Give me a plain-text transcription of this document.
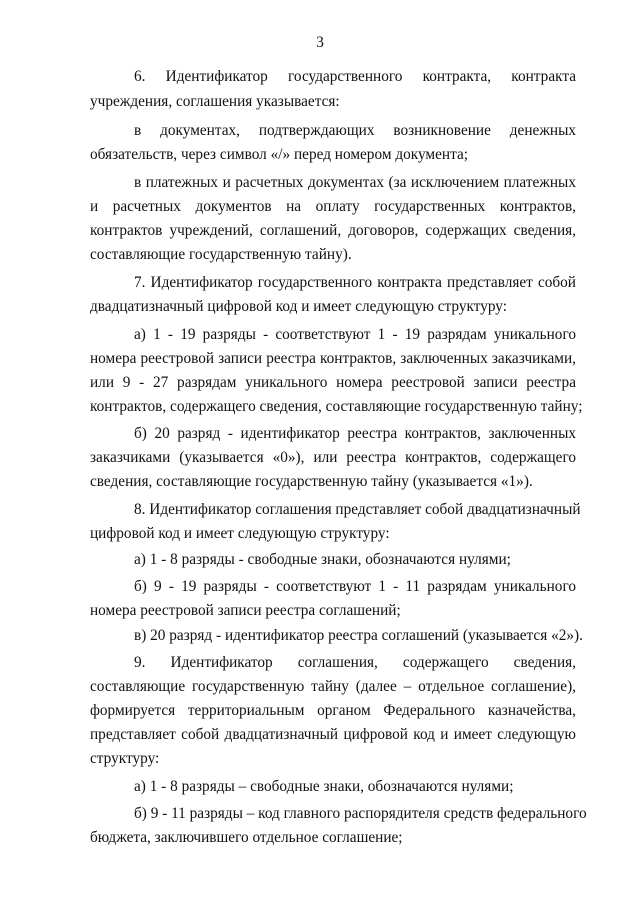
3
6. Идентификатор государственного контракта, контракта
учреждения, соглашения указывается:
в документах, подтверждающих возникновение денежных
обязательств, через символ «/» перед номером документа;
в платежных и расчетных документах (за исключением платежных
и расчетных документов на оплату государственных контрактов,
контрактов учреждений, соглашений, договоров, содержащих сведения,
составляющие государственную тайну).
7. Идентификатор государственного контракта представляет собой
двадцатизначный цифровой код и имеет следующую структуру:
а) 1 - 19 разряды - соответствуют 1 - 19 разрядам уникального
номера реестровой записи реестра контрактов, заключенных заказчиками,
или 9 - 27 разрядам уникального номера реестровой записи реестра
контрактов, содержащего сведения, составляющие государственную тайну;
б) 20 разряд - идентификатор реестра контрактов, заключенных
заказчиками (указывается «0»), или реестра контрактов, содержащего
сведения, составляющие государственную тайну (указывается «1»).
8. Идентификатор соглашения представляет собой двадцатизначный
цифровой код и имеет следующую структуру:
а) 1 - 8 разряды - свободные знаки, обозначаются нулями;
б) 9 - 19 разряды - соответствуют 1 - 11 разрядам уникального
номера реестровой записи реестра соглашений;
в) 20 разряд - идентификатор реестра соглашений (указывается «2»).
9. Идентификатор соглашения, содержащего сведения,
составляющие государственную тайну (далее – отдельное соглашение),
формируется территориальным органом Федерального казначейства,
представляет собой двадцатизначный цифровой код и имеет следующую
структуру:
а) 1 - 8 разряды – свободные знаки, обозначаются нулями;
б) 9 - 11 разряды – код главного распорядителя средств федерального
бюджета, заключившего отдельное соглашение;
